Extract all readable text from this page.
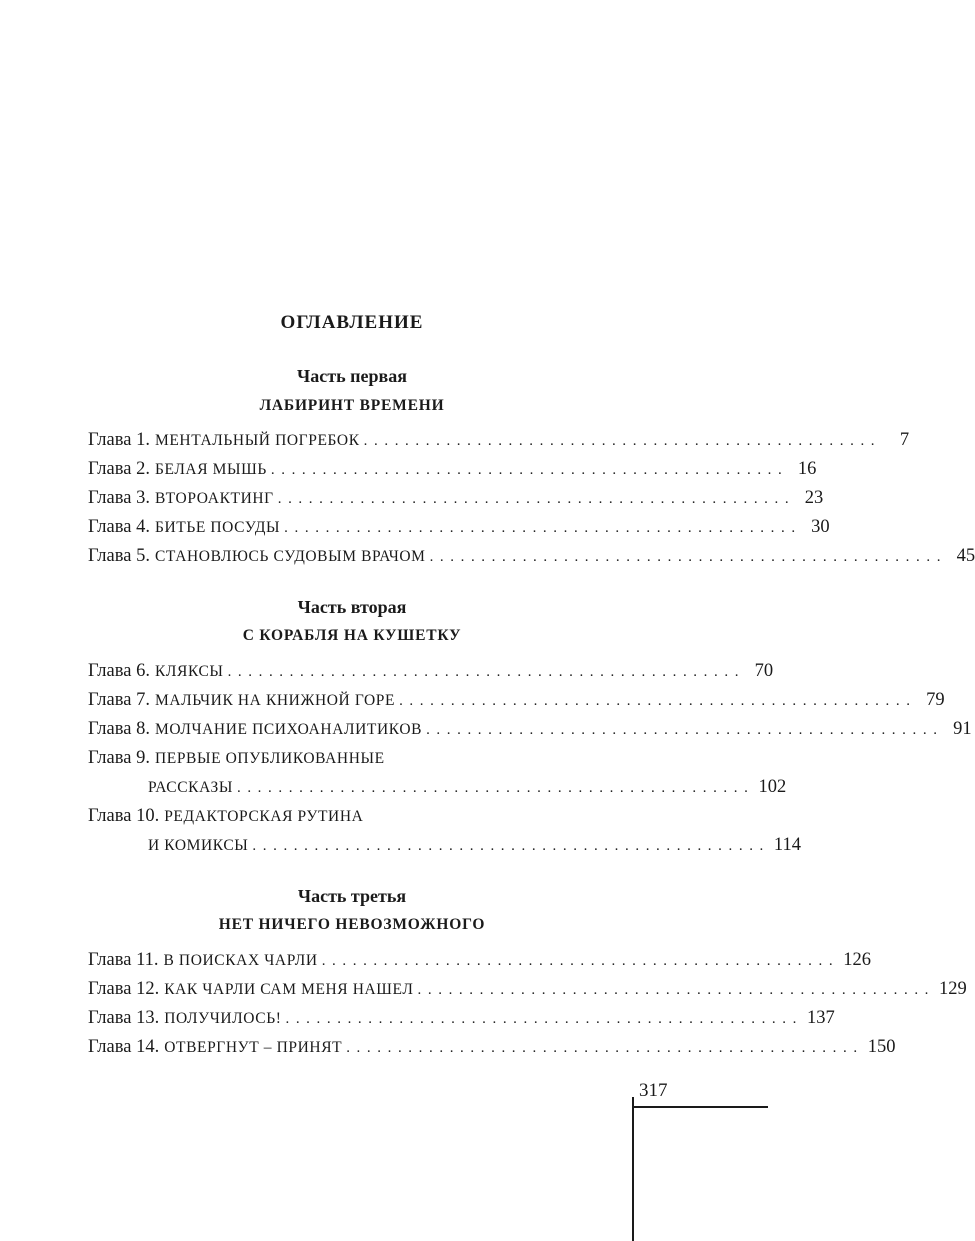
ОГЛАВЛЕНИЕ
Часть первая
ЛАБИРИНТ ВРЕМЕНИ
Глава 1. МЕНТАЛЬНЫЙ ПОГРЕБОК ..................................................	7
Глава 2. БЕЛАЯ МЫШЬ .................................................. 16
Глава 3. ВТОРОАКТИНГ .................................................. 23
Глава 4. БИТЬЕ ПОСУДЫ .................................................. 30
Глава 5. СТАНОВЛЮСЬ СУДОВЫМ ВРАЧОМ .................................................. 45
Часть вторая
С КОРАБЛЯ НА КУШЕТКУ
Глава 6. КЛЯКСЫ .................................................. 70
Глава 7. МАЛЬЧИК НА КНИЖНОЙ ГОРЕ .................................................. 79
Глава 8. МОЛЧАНИЕ ПСИХОАНАЛИТИКОВ .................................................. 91
Глава 9. ПЕРВЫЕ ОПУБЛИКОВАННЫЕ
РАССКАЗЫ .................................................. 102
Глава 10. РЕДАКТОРСКАЯ РУТИНА
И КОМИКСЫ .................................................. 114
Часть третья
НЕТ НИЧЕГО НЕВОЗМОЖНОГО
Глава 11. В ПОИСКАХ ЧАРЛИ .................................................. 126
Глава 12. КАК ЧАРЛИ САМ МЕНЯ НАШЕЛ .................................................. 129
Глава 13. ПОЛУЧИЛОСЬ! .................................................. 137
Глава 14. ОТВЕРГНУТ – ПРИНЯТ .................................................. 150
317
